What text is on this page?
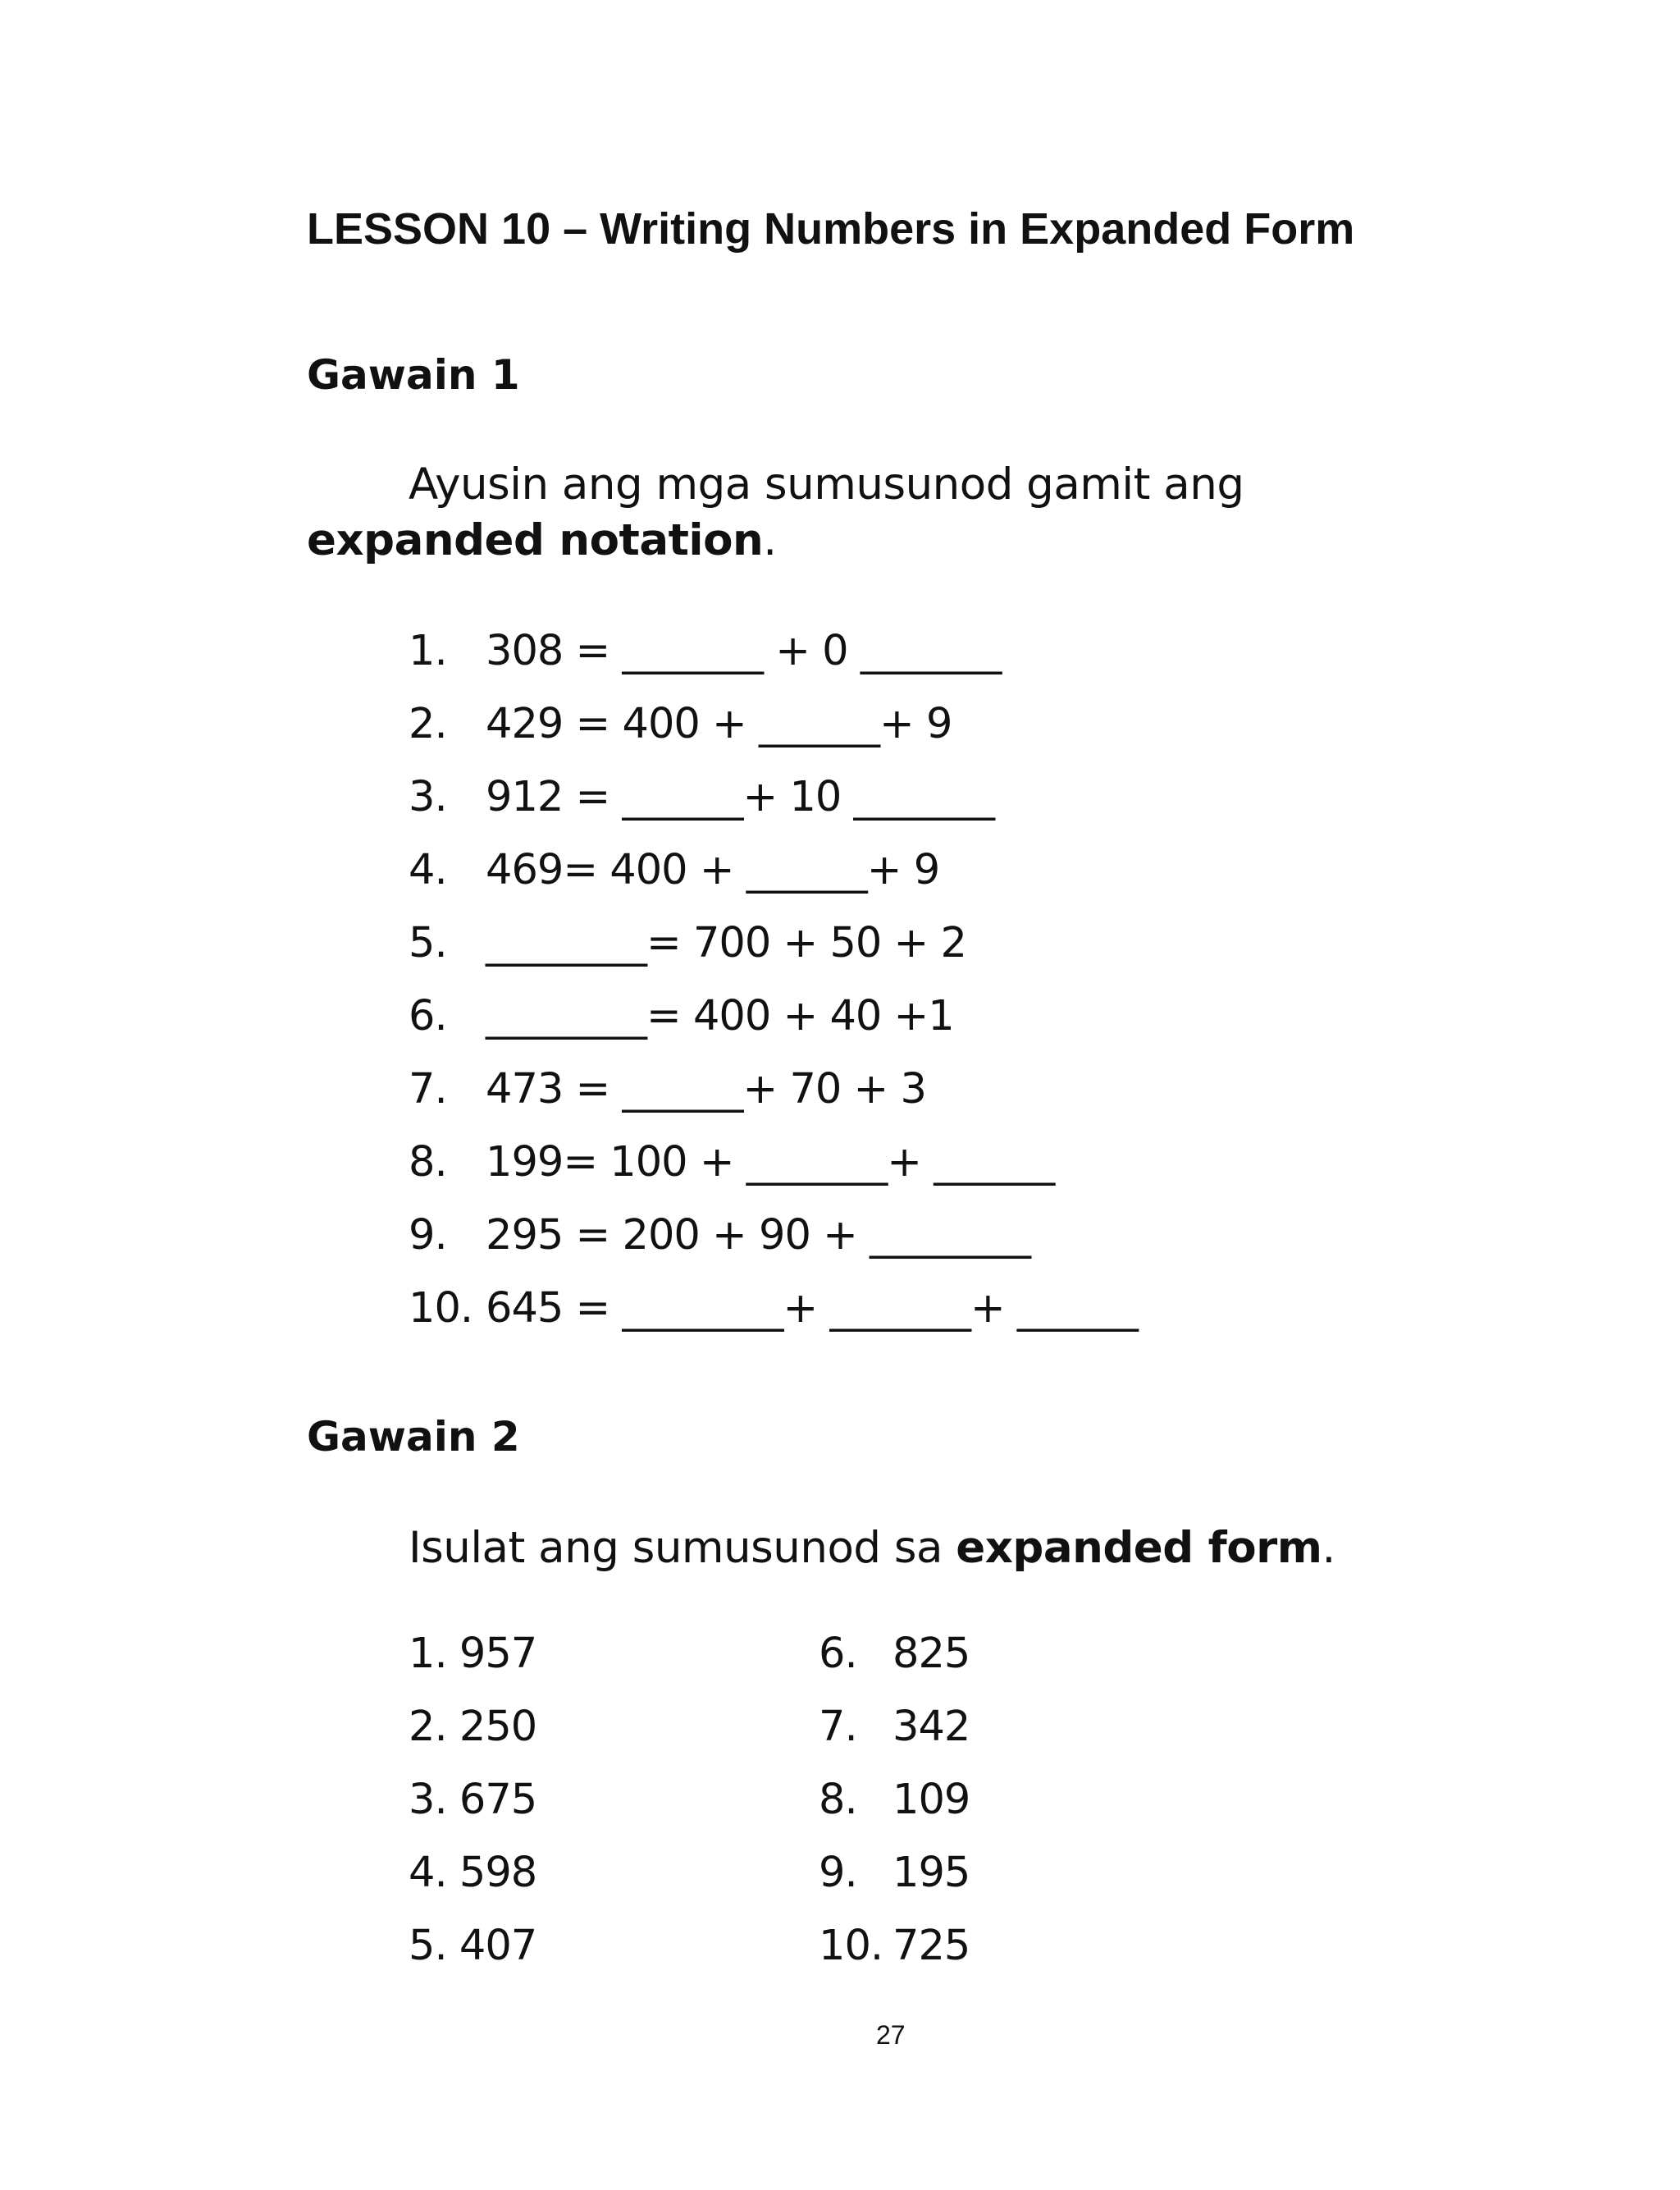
LESSON 10 – Writing Numbers in Expanded Form
Gawain 1
Ayusin ang mga sumusunod gamit ang
expanded notation.
1. 308 = _______ + 0 _______
2. 429 = 400 + ______+ 9
3. 912 = ______+ 10 _______
4. 469= 400 + ______+ 9
5. ________= 700 + 50 + 2
6. ________= 400 + 40 +1
7. 473 = ______+ 70 + 3
8. 199= 100 + _______+ ______
9. 295 = 200 + 90 + ________
10. 645 = ________+ _______+ ______
Gawain 2
Isulat ang sumusunod sa expanded form.
1. 957
2. 250
3. 675
4. 598
5. 407
6. 825
7. 342
8. 109
9. 195
10. 725
27
